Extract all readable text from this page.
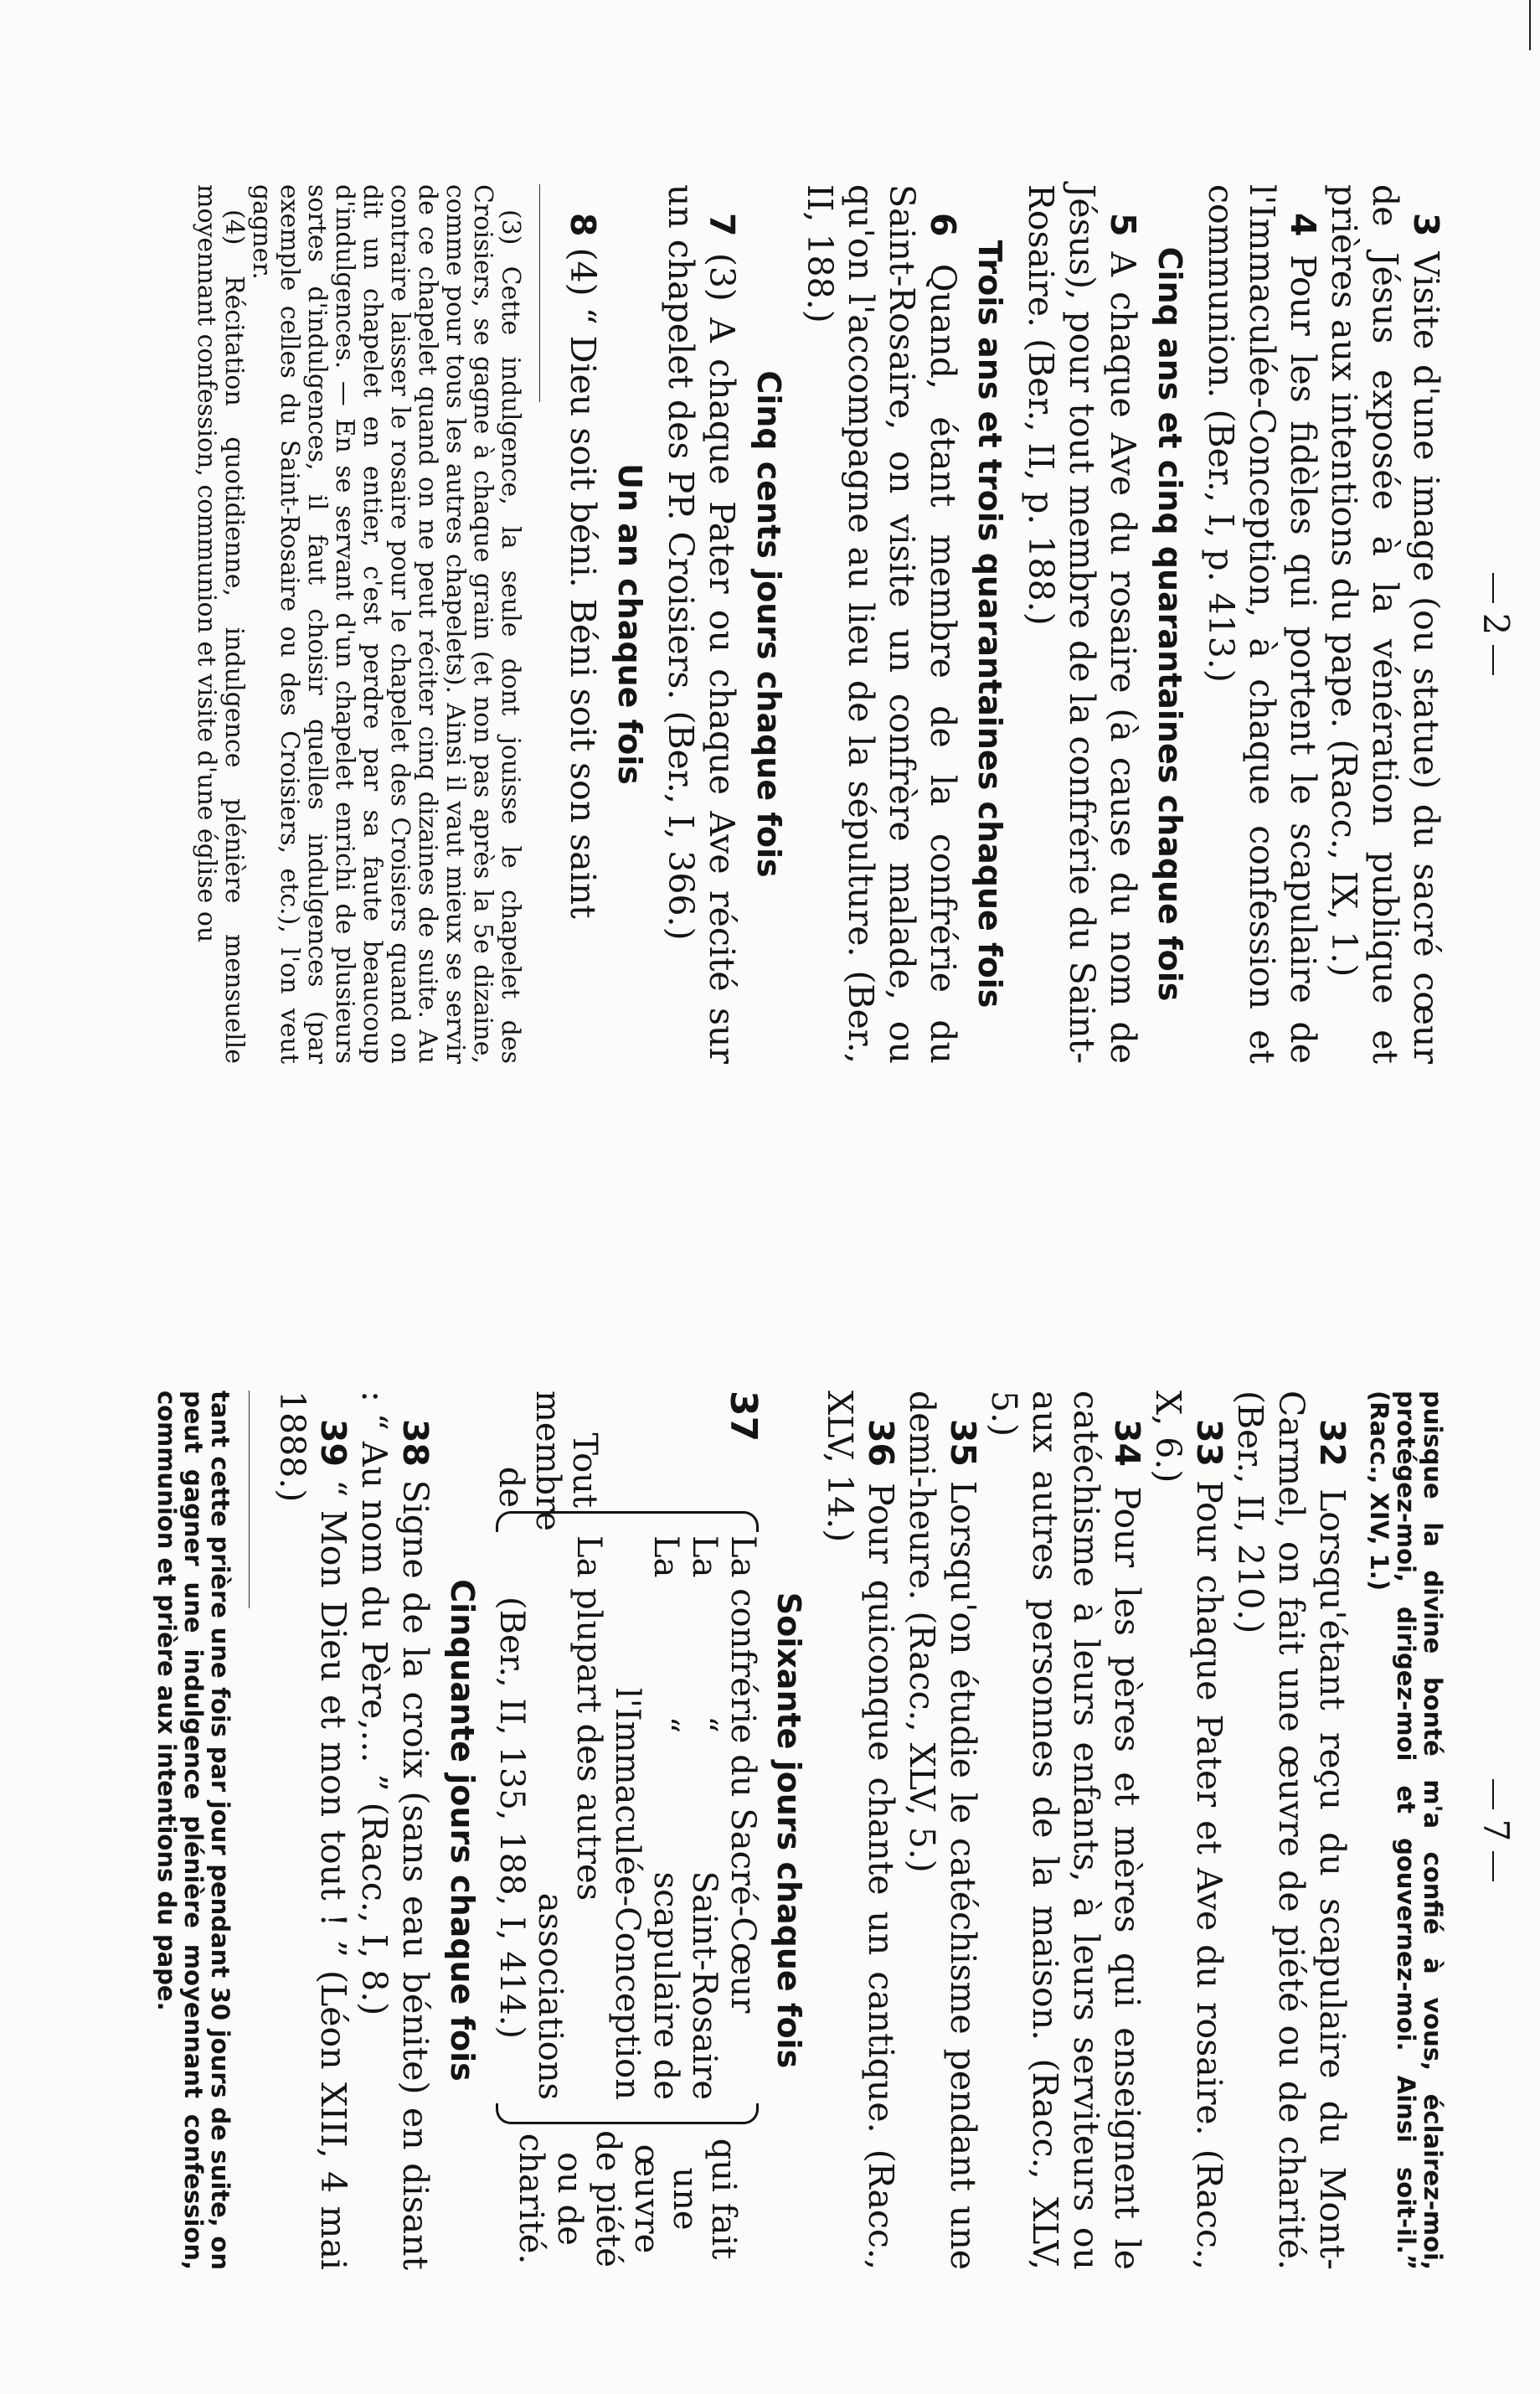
2

3 Visite d'une image (ou statue) du sacré cœur de Jésus exposée à la vénération publique et prières aux intentions du pape. (Racc., IX, 1.)

4 Pour les fidèles qui portent le scapulaire de l'Immaculée-Conception, à chaque confession et communion. (Ber., I, p. 413.)

Cinq ans et cinq quarantaines chaque fois

5 A chaque Ave du rosaire (à cause du nom de Jésus), pour tout membre de la confrérie du Saint-Rosaire. (Ber., II, p. 188.)

Trois ans et trois quarantaines chaque fois

6 Quand, étant membre de la confrérie du Saint-Rosaire, on visite un confrère malade, ou qu'on l'accompagne au lieu de la sépulture. (Ber., II, 188.)

Cinq cents jours chaque fois

7 (3) A chaque Pater ou chaque Ave récité sur un chapelet des PP. Croisiers. (Ber., I, 366.)

Un an chaque fois

8 (4) “ Dieu soit béni. Béni soit son saint

(3) Cette indulgence, la seule dont jouisse le chapelet des Croisiers, se gagne à chaque grain (et non pas après la 5e dizaine, comme pour tous les autres chapelets). Ainsi il vaut mieux se servir de ce chapelet quand on ne peut réciter cinq dizaines de suite. Au contraire laisser le rosaire pour le chapelet des Croisiers quand on dit un chapelet en entier, c'est perdre par sa faute beaucoup d'indulgences. — En se servant d'un chapelet enrichi de plusieurs sortes d'indulgences, il faut choisir quelles indulgences (par exemple celles du Saint-Rosaire ou des Croisiers, etc.), l'on veut gagner.

(4) Récitation quotidienne, indulgence plénière mensuelle moyennant confession, communion et visite d'une église ou

7

puisque la divine bonté m'a confié à vous, éclairez-moi, protégez-moi, dirigez-moi et gouvernez-moi. Ainsi soit-il.” (Racc., XIV, 1.)

32 Lorsqu'étant reçu du scapulaire du Mont-Carmel, on fait une œuvre de piété ou de charité. (Ber., II, 210.)

33 Pour chaque Pater et Ave du rosaire. (Racc., X, 6.)

34 Pour les pères et mères qui enseignent le catéchisme à leurs enfants, à leurs serviteurs ou aux autres personnes de la maison. (Racc., XLV, 5.)

35 Lorsqu'on étudie le catéchisme pendant une demi-heure. (Racc., XLV, 5.)

36 Pour quiconque chante un cantique. (Racc., XLV, 14.)

Soixante jours chaque fois
37
Tout
membre
de
La confrérie du Sacré-Cœur
La
“
Saint-Rosaire
La
“
scapulaire de
l'Immaculée-Conception
La plupart des autres
associations
(Ber., II, 135, 188, I, 414.)
qui fait
une
œuvre
de piété
ou de
charité.
Cinquante jours chaque fois

38 Signe de la croix (sans eau bénite) en disant : “ Au nom du Père,... ” (Racc., I, 8.)

39 “ Mon Dieu et mon tout ! ” (Léon XIII, 4 mai 1888.)

tant cette prière une fois par jour pendant 30 jours de suite, on peut gagner une indulgence plénière moyennant confession, communion et prière aux intentions du pape.
